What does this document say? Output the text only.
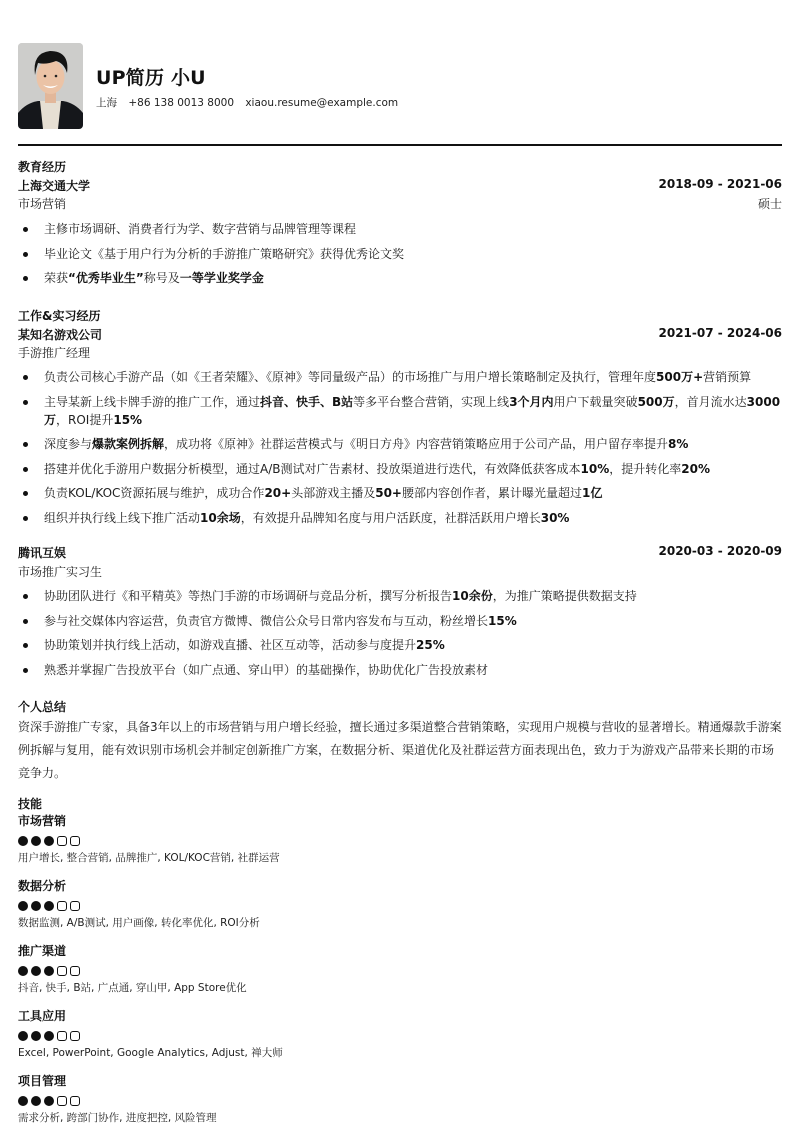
UP简历 小U
上海 +86 138 0013 8000 xiaou.resume@example.com
教育经历
上海交通大学	2018-09 - 2021-06
市场营销	硕士
主修市场调研、消费者行为学、数字营销与品牌管理等课程
毕业论文《基于用户行为分析的手游推广策略研究》获得优秀论文奖
荣获“优秀毕业生”称号及一等学业奖学金
工作&实习经历
某知名游戏公司	2021-07 - 2024-06
手游推广经理
负责公司核心手游产品（如《王者荣耀》、《原神》等同量级产品）的市场推广与用户增长策略制定及执行，管理年度500万+营销预算
主导某新上线卡牌手游的推广工作，通过抖音、快手、B站等多平台整合营销，实现上线3个月内用户下载量突破500万，首月流水达3000万，ROI提升15%
深度参与爆款案例拆解，成功将《原神》社群运营模式与《明日方舟》内容营销策略应用于公司产品，用户留存率提升8%
搭建并优化手游用户数据分析模型，通过A/B测试对广告素材、投放渠道进行迭代，有效降低获客成本10%，提升转化率20%
负责KOL/KOC资源拓展与维护，成功合作20+头部游戏主播及50+腰部内容创作者，累计曝光量超过1亿
组织并执行线上线下推广活动10余场，有效提升品牌知名度与用户活跃度，社群活跃用户增长30%
腾讯互娱	2020-03 - 2020-09
市场推广实习生
协助团队进行《和平精英》等热门手游的市场调研与竞品分析，撰写分析报告10余份，为推广策略提供数据支持
参与社交媒体内容运营，负责官方微博、微信公众号日常内容发布与互动，粉丝增长15%
协助策划并执行线上活动，如游戏直播、社区互动等，活动参与度提升25%
熟悉并掌握广告投放平台（如广点通、穿山甲）的基础操作，协助优化广告投放素材
个人总结
资深手游推广专家，具备3年以上的市场营销与用户增长经验，擅长通过多渠道整合营销策略，实现用户规模与营收的显著增长。精通爆款手游案例拆解与复用，能有效识别市场机会并制定创新推广方案，在数据分析、渠道优化及社群运营方面表现出色，致力于为游戏产品带来长期的市场竞争力。
技能
市场营销
用户增长, 整合营销, 品牌推广, KOL/KOC营销, 社群运营
数据分析
数据监测, A/B测试, 用户画像, 转化率优化, ROI分析
推广渠道
抖音, 快手, B站, 广点通, 穿山甲, App Store优化
工具应用
Excel, PowerPoint, Google Analytics, Adjust, 禅大师
项目管理
需求分析, 跨部门协作, 进度把控, 风险管理
